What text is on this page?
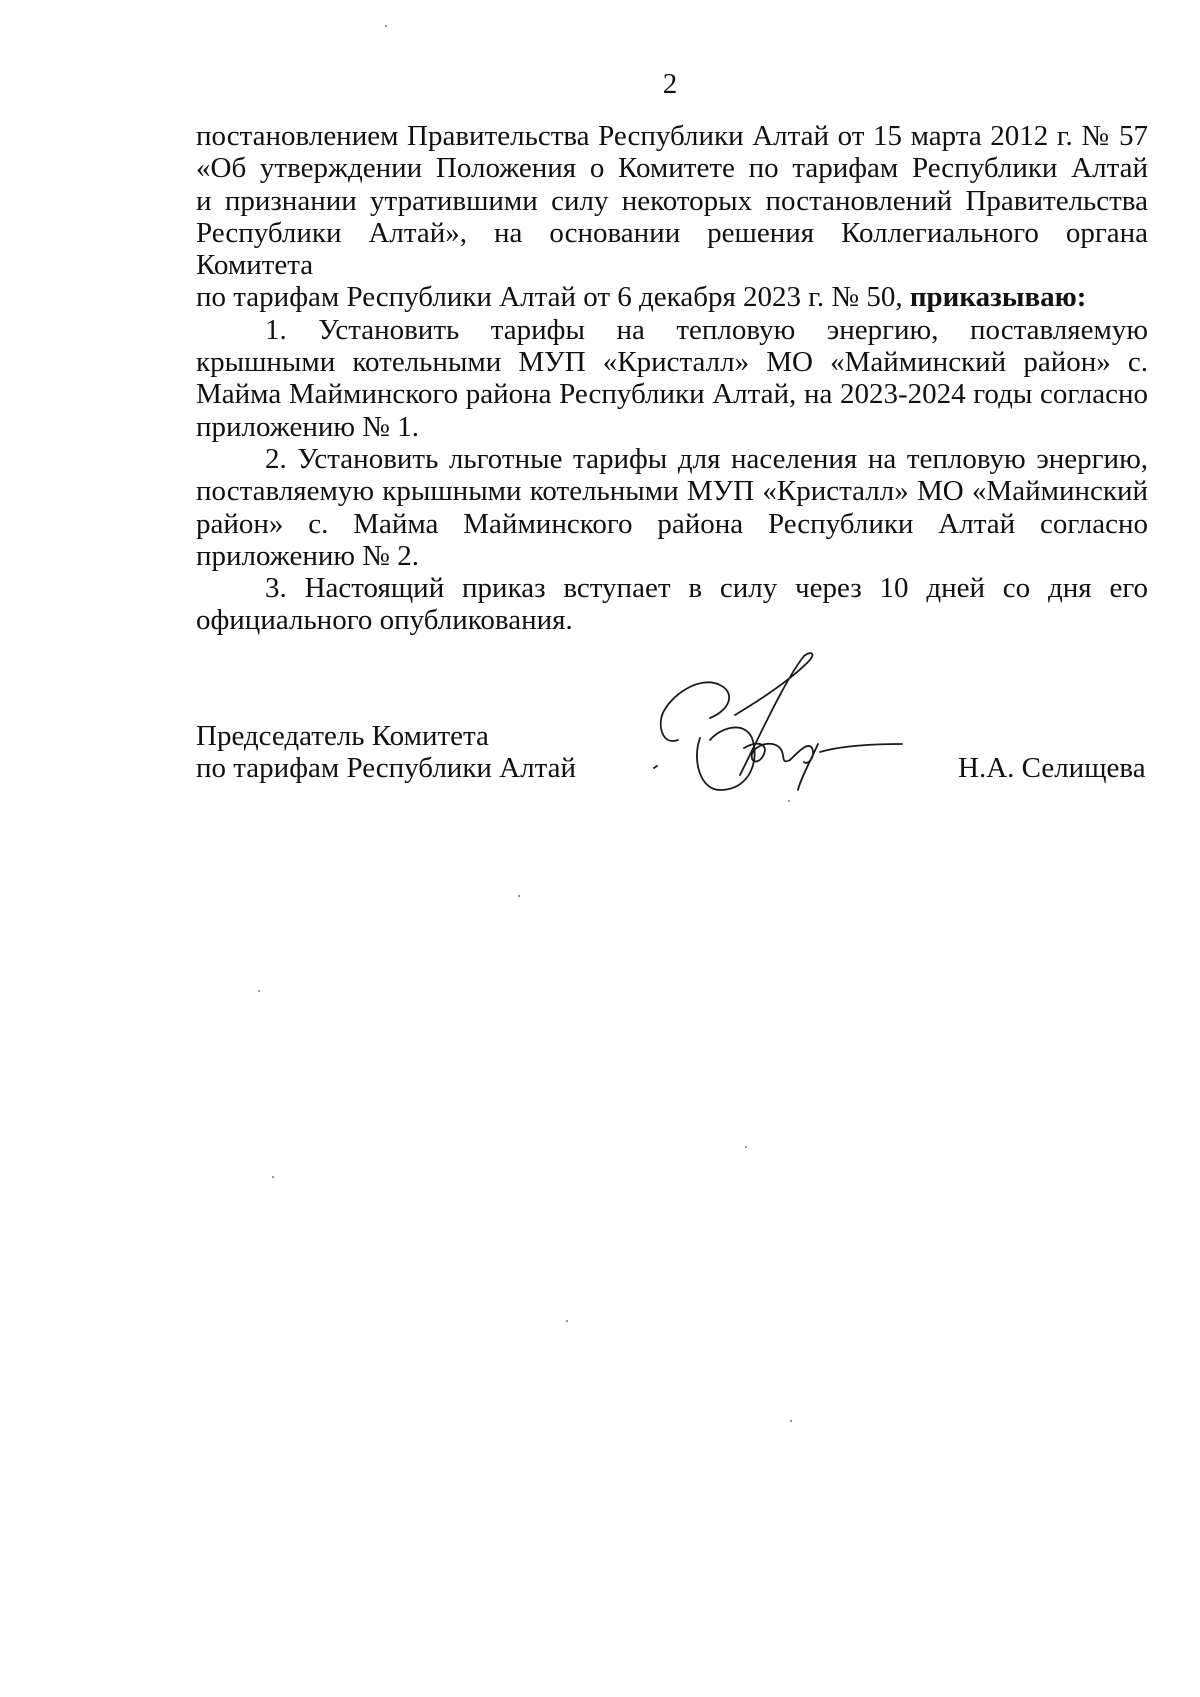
2

постановлением Правительства Республики Алтай от 15 марта 2012 г. № 57

«Об утверждении Положения о Комитете по тарифам Республики Алтай

и признании утратившими силу некоторых постановлений Правительства

Республики Алтай», на основании решения Коллегиального органа Комитета

по тарифам Республики Алтай от 6 декабря 2023 г. № 50, приказываю:

1. Установить тарифы на тепловую энергию, поставляемую крышными котельными МУП «Кристалл» МО «Майминский район» с. Майма Майминского района Республики Алтай, на 2023-2024 годы согласно приложению № 1.

2. Установить льготные тарифы для населения на тепловую энергию, поставляемую крышными котельными МУП «Кристалл» МО «Майминский район» с. Майма Майминского района Республики Алтай согласно приложению № 2.

3. Настоящий приказ вступает в силу через 10 дней со дня его официального опубликования.

Председатель Комитета
по тарифам Республики Алтай	Н.А. Селищева
